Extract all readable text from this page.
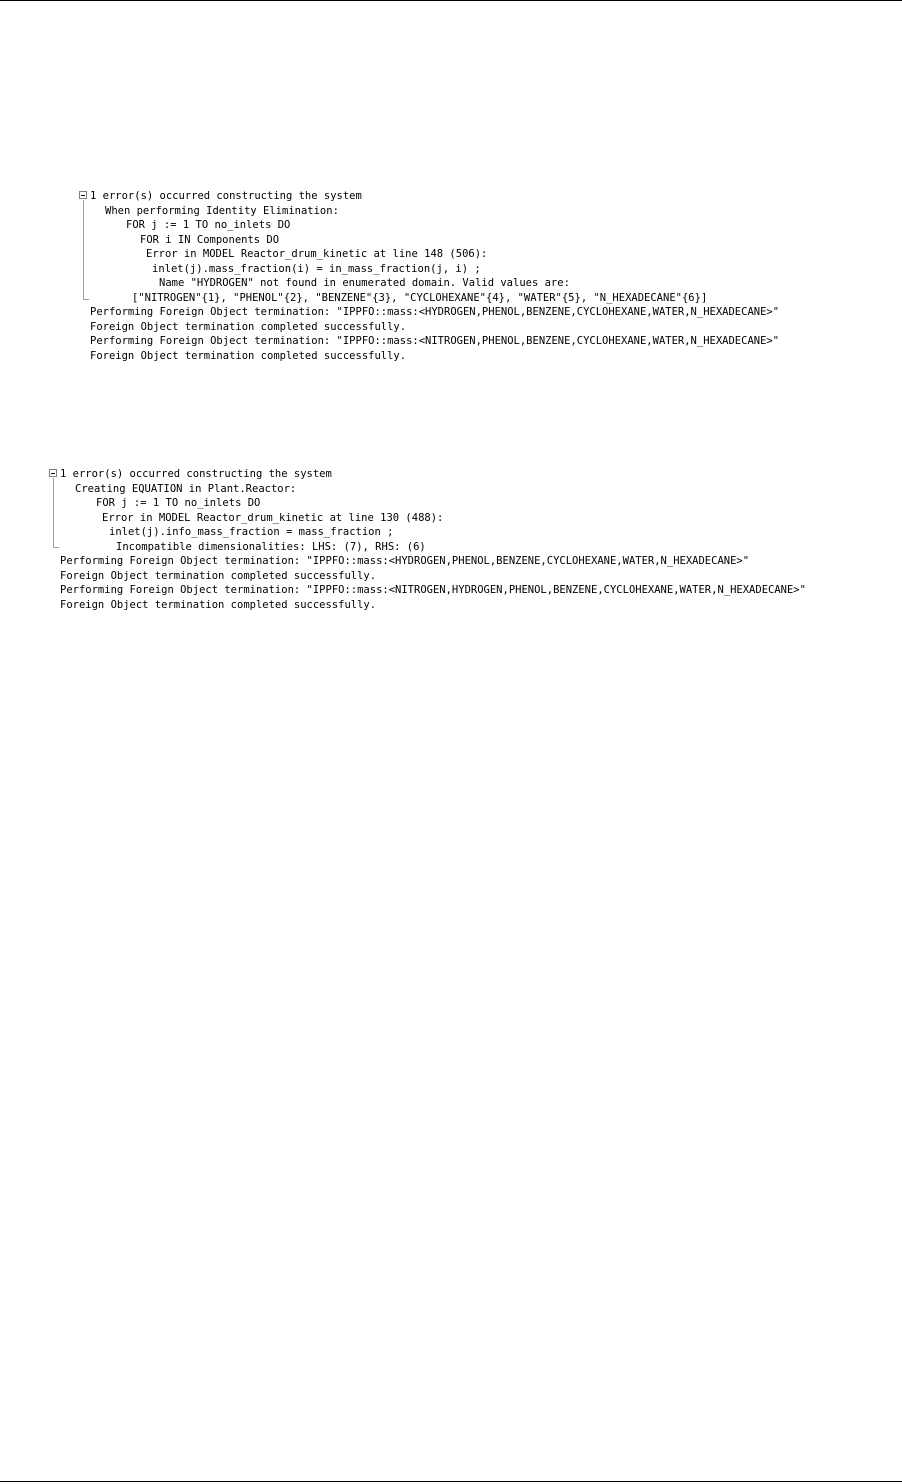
1 error(s) occurred constructing the system

When performing Identity Elimination:

FOR j := 1 TO no_inlets DO

FOR i IN Components DO

Error in MODEL Reactor_drum_kinetic at line 148 (506):

inlet(j).mass_fraction(i) = in_mass_fraction(j, i) ;

Name "HYDROGEN" not found in enumerated domain. Valid values are:

["NITROGEN"{1}, "PHENOL"{2}, "BENZENE"{3}, "CYCLOHEXANE"{4}, "WATER"{5}, "N_HEXADECANE"{6}]

Performing Foreign Object termination: "IPPFO::mass:<HYDROGEN,PHENOL,BENZENE,CYCLOHEXANE,WATER,N_HEXADECANE>"

Foreign Object termination completed successfully.

Performing Foreign Object termination: "IPPFO::mass:<NITROGEN,PHENOL,BENZENE,CYCLOHEXANE,WATER,N_HEXADECANE>"

Foreign Object termination completed successfully.

1 error(s) occurred constructing the system

Creating EQUATION in Plant.Reactor:

FOR j := 1 TO no_inlets DO

Error in MODEL Reactor_drum_kinetic at line 130 (488):

inlet(j).info_mass_fraction = mass_fraction ;

Incompatible dimensionalities: LHS: (7), RHS: (6)

Performing Foreign Object termination: "IPPFO::mass:<HYDROGEN,PHENOL,BENZENE,CYCLOHEXANE,WATER,N_HEXADECANE>"

Foreign Object termination completed successfully.

Performing Foreign Object termination: "IPPFO::mass:<NITROGEN,HYDROGEN,PHENOL,BENZENE,CYCLOHEXANE,WATER,N_HEXADECANE>"

Foreign Object termination completed successfully.
